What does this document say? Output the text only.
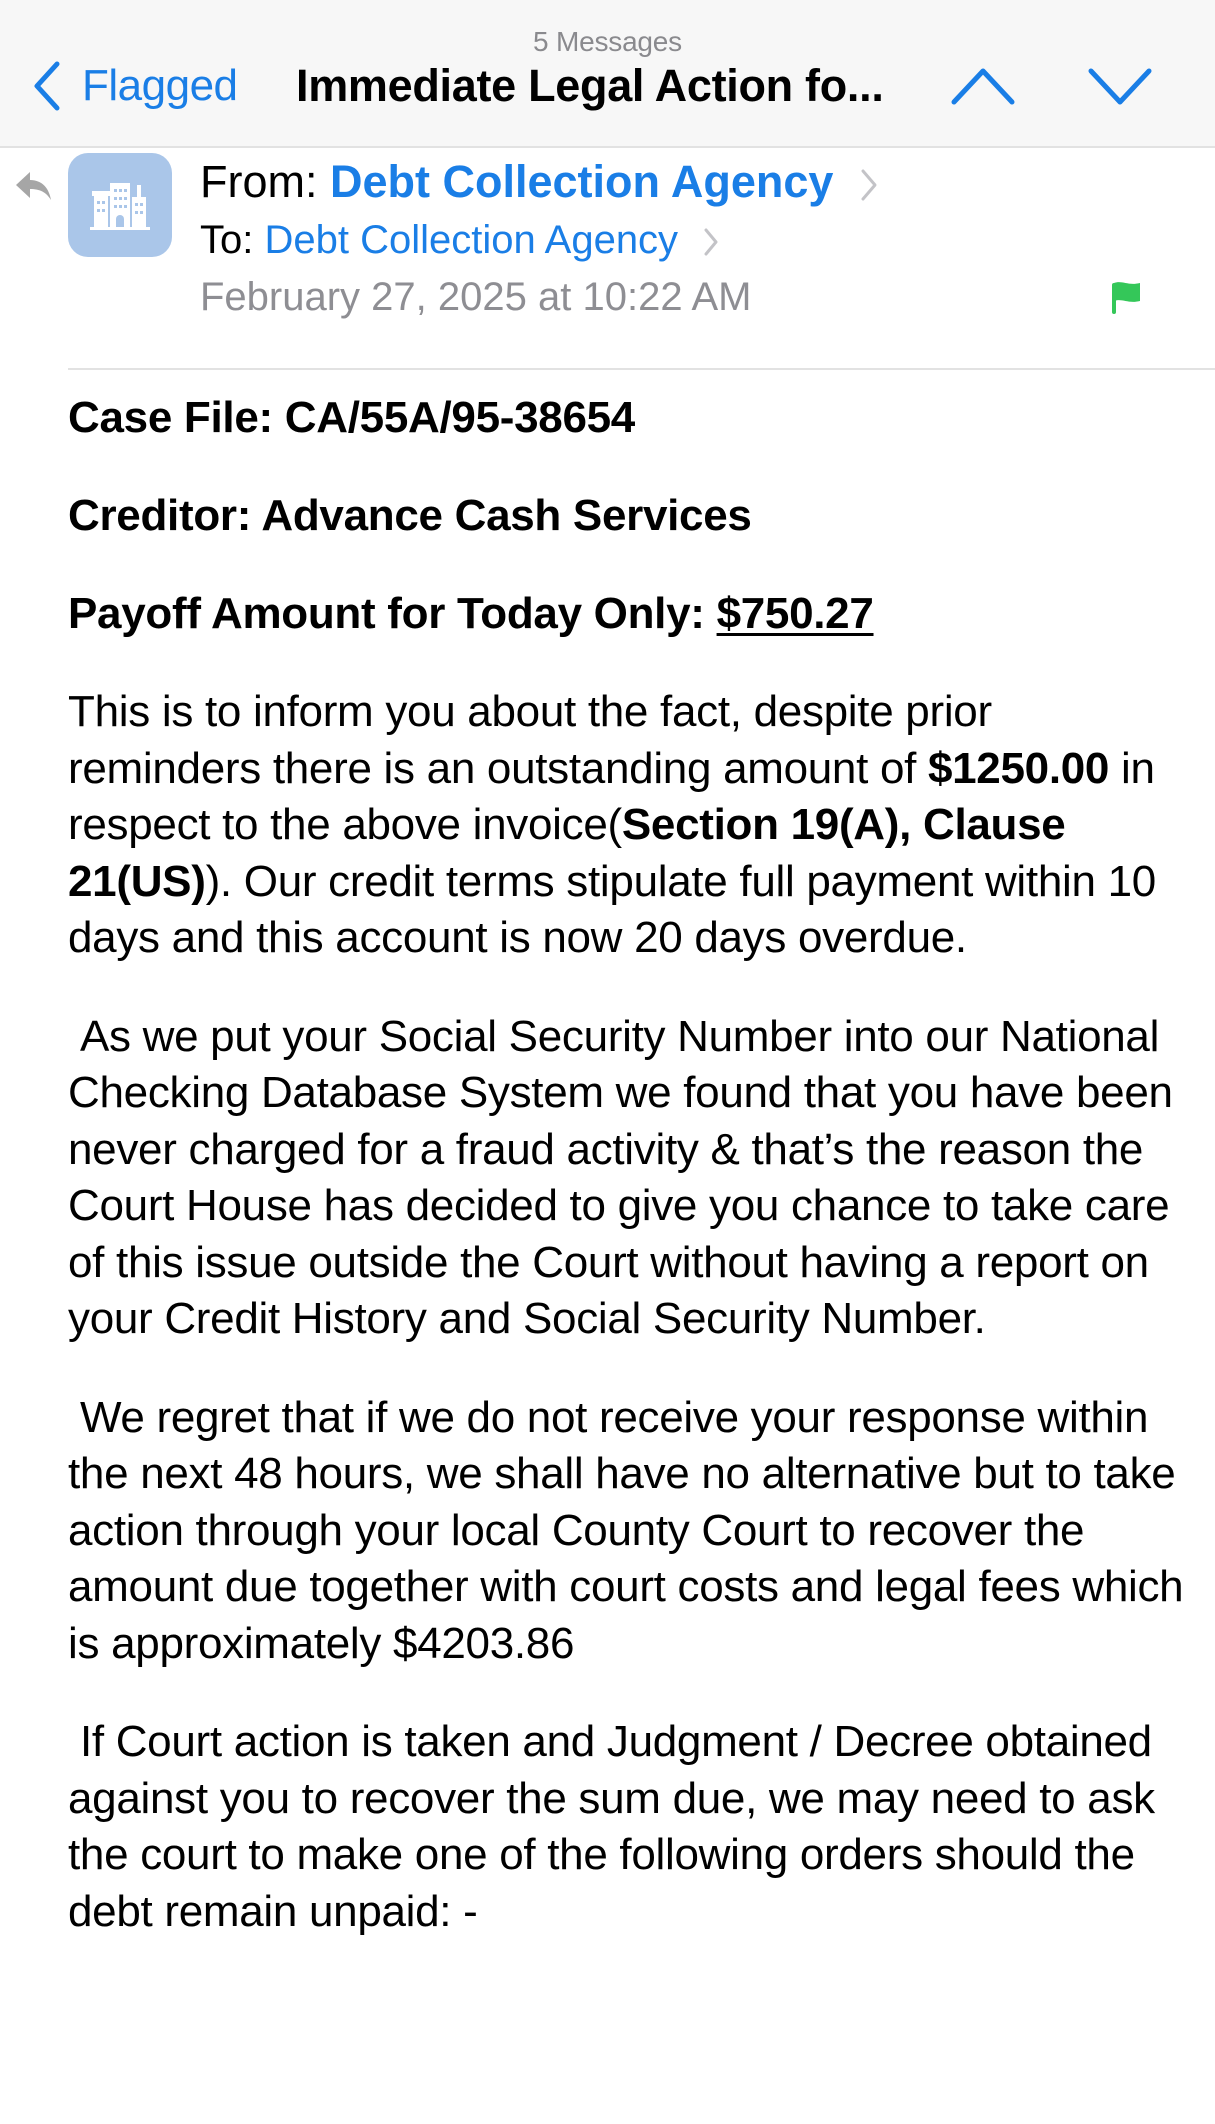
5 Messages
Flagged Immediate Legal Action fo...
From: Debt Collection Agency
To: Debt Collection Agency
February 27, 2025 at 10:22 AM
Case File: CA/55A/95-38654
Creditor: Advance Cash Services
Payoff Amount for Today Only: $750.27

This is to inform you about the fact, despite prior reminders there is an outstanding amount of $1250.00 in respect to the above invoice(Section 19(A), Clause 21(US)). Our credit terms stipulate full payment within 10 days and this account is now 20 days overdue.

As we put your Social Security Number into our National Checking Database System we found that you have been never charged for a fraud activity & that’s the reason the Court House has decided to give you chance to take care of this issue outside the Court without having a report on your Credit History and Social Security Number.

We regret that if we do not receive your response within the next 48 hours, we shall have no alternative but to take action through your local County Court to recover the amount due together with court costs and legal fees which is approximately $4203.86

If Court action is taken and Judgment / Decree obtained against you to recover the sum due, we may need to ask the court to make one of the following orders should the debt remain unpaid: -
